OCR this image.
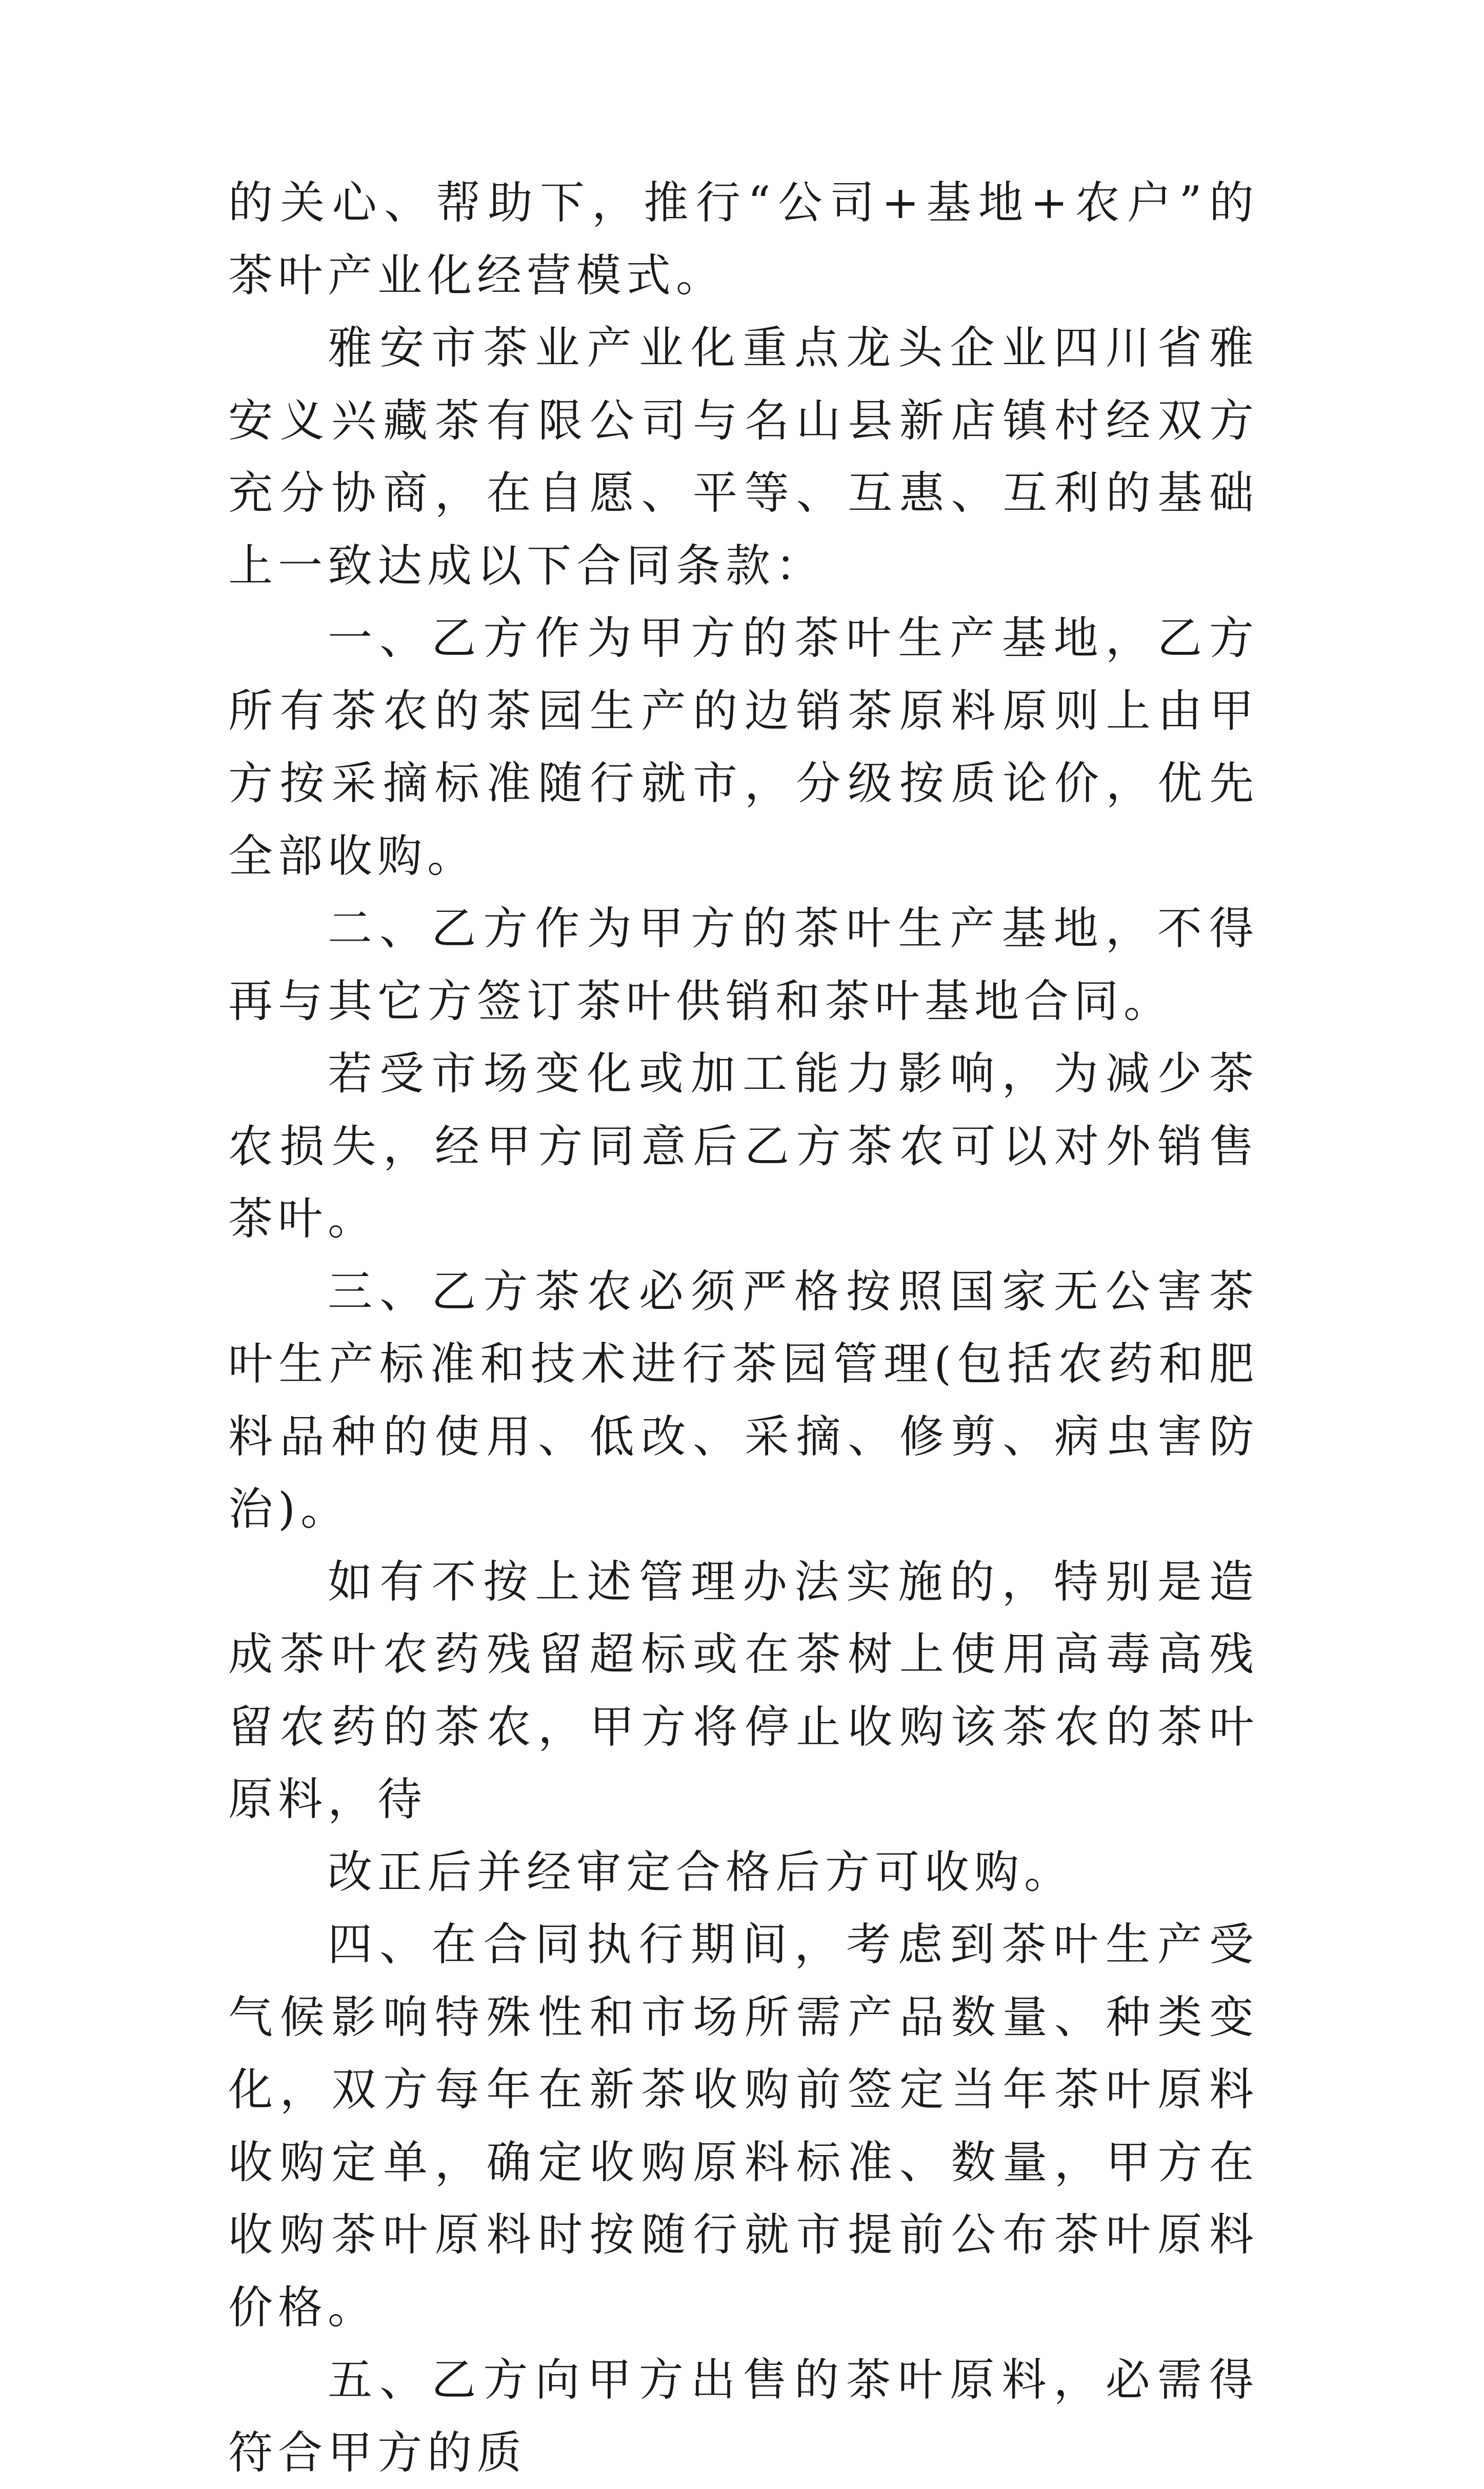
的关心、帮助下，推行“公司+基地+农户”的茶叶产业化经营模式。

雅安市茶业产业化重点龙头企业四川省雅安义兴藏茶有限公司与名山县新店镇村经双方充分协商，在自愿、平等、互惠、互利的基础上一致达成以下合同条款：

一、乙方作为甲方的茶叶生产基地，乙方所有茶农的茶园生产的边销茶原料原则上由甲方按采摘标准随行就市，分级按质论价，优先全部收购。

二、乙方作为甲方的茶叶生产基地，不得再与其它方签订茶叶供销和茶叶基地合同。

若受市场变化或加工能力影响，为减少茶农损失，经甲方同意后乙方茶农可以对外销售茶叶。

三、乙方茶农必须严格按照国家无公害茶叶生产标准和技术进行茶园管理(包括农药和肥料品种的使用、低改、采摘、修剪、病虫害防治)。

如有不按上述管理办法实施的，特别是造成茶叶农药残留超标或在茶树上使用高毒高残留农药的茶农，甲方将停止收购该茶农的茶叶原料，待

改正后并经审定合格后方可收购。

四、在合同执行期间，考虑到茶叶生产受气候影响特殊性和市场所需产品数量、种类变化，双方每年在新茶收购前签定当年茶叶原料收购定单，确定收购原料标准、数量，甲方在收购茶叶原料时按随行就市提前公布茶叶原料价格。

五、乙方向甲方出售的茶叶原料，必需得符合甲方的质
